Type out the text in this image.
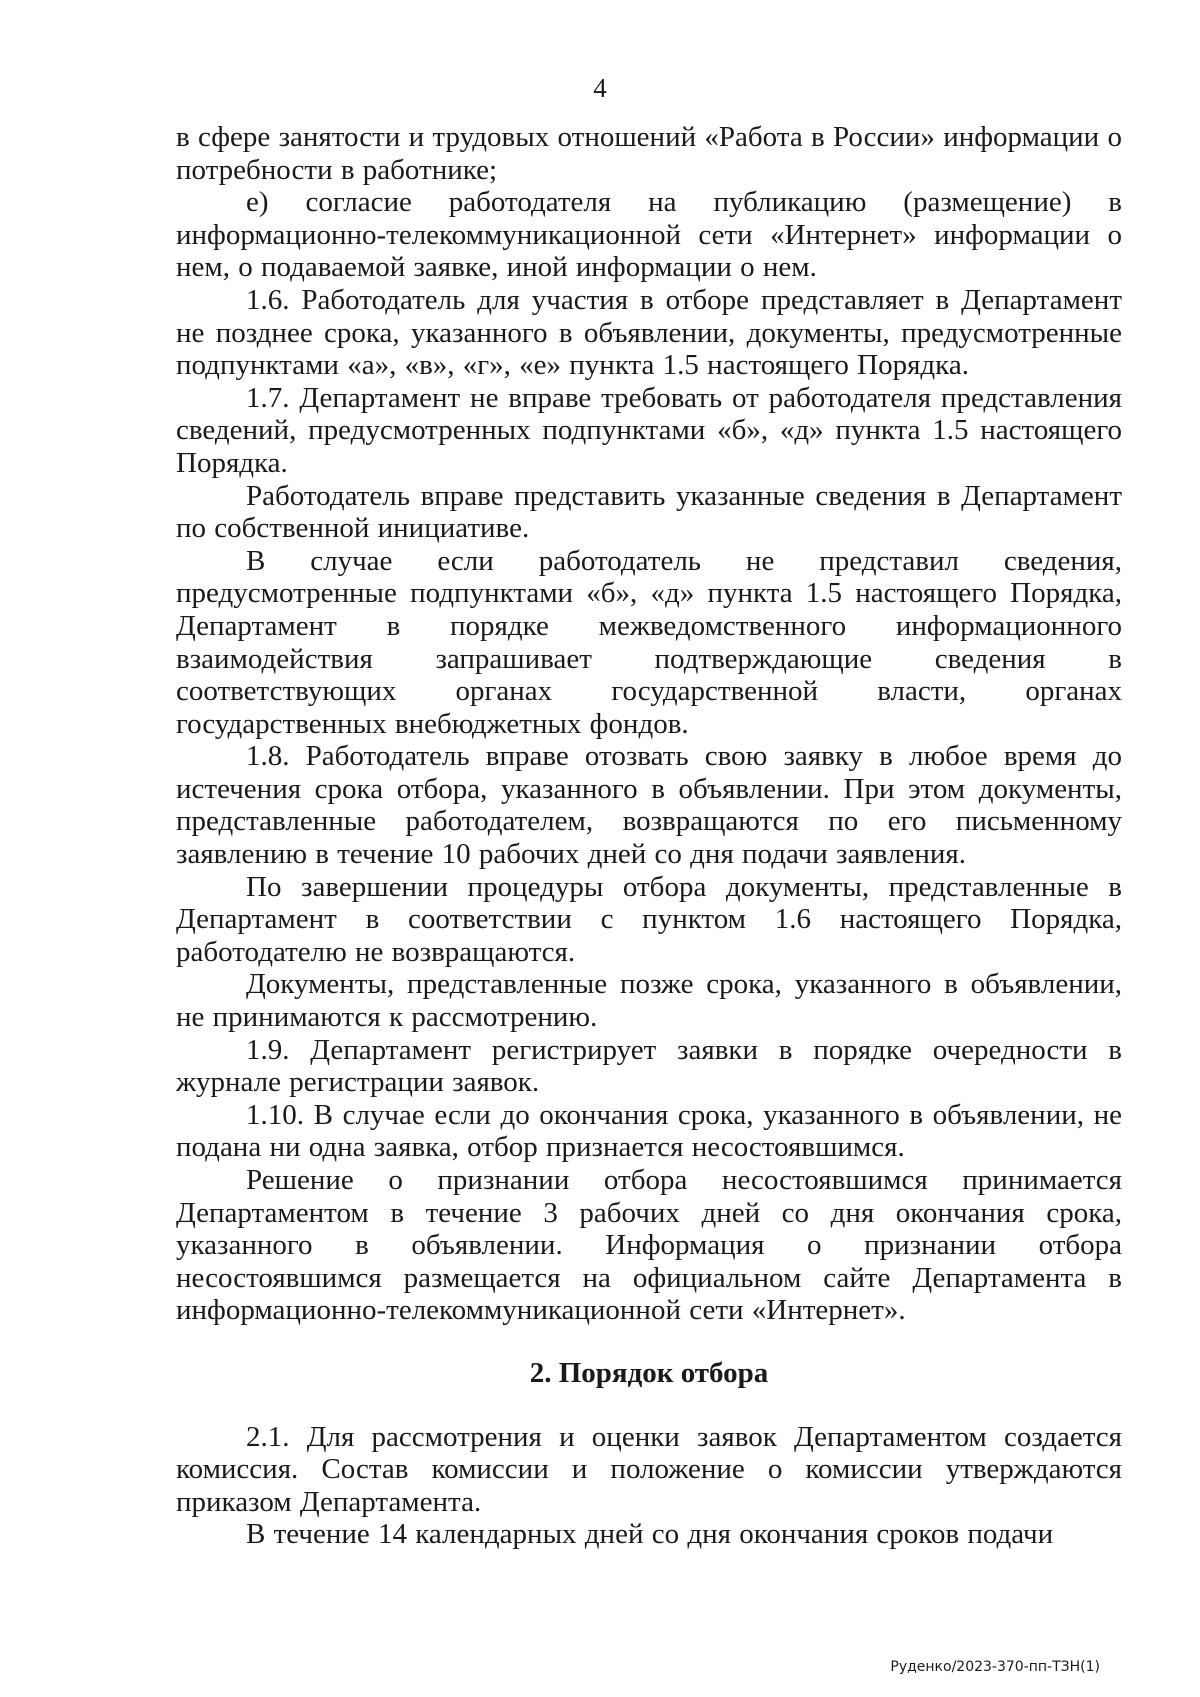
4

в сфере занятости и трудовых отношений «Работа в России» информации о потребности в работнике;

е) согласие работодателя на публикацию (размещение) в информационно-телекоммуникационной сети «Интернет» информации о нем, о подаваемой заявке, иной информации о нем.

1.6. Работодатель для участия в отборе представляет в Департамент не позднее срока, указанного в объявлении, документы, предусмотренные подпунктами «а», «в», «г», «е» пункта 1.5 настоящего Порядка.

1.7. Департамент не вправе требовать от работодателя представления сведений, предусмотренных подпунктами «б», «д» пункта 1.5 настоящего Порядка.

Работодатель вправе представить указанные сведения в Департамент по собственной инициативе.

В случае если работодатель не представил сведения, предусмотренные подпунктами «б», «д» пункта 1.5 настоящего Порядка, Департамент в порядке межведомственного информационного взаимодействия запрашивает подтверждающие сведения в соответствующих органах государственной власти, органах государственных внебюджетных фондов.

1.8. Работодатель вправе отозвать свою заявку в любое время до истечения срока отбора, указанного в объявлении. При этом документы, представленные работодателем, возвращаются по его письменному заявлению в течение 10 рабочих дней со дня подачи заявления.

По завершении процедуры отбора документы, представленные в Департамент в соответствии с пунктом 1.6 настоящего Порядка, работодателю не возвращаются.

Документы, представленные позже срока, указанного в объявлении, не принимаются к рассмотрению.

1.9. Департамент регистрирует заявки в порядке очередности в журнале регистрации заявок.

1.10. В случае если до окончания срока, указанного в объявлении, не подана ни одна заявка, отбор признается несостоявшимся.

Решение о признании отбора несостоявшимся принимается Департаментом в течение 3 рабочих дней со дня окончания срока, указанного в объявлении. Информация о признании отбора несостоявшимся размещается на официальном сайте Департамента в информационно-телекоммуникационной сети «Интернет».

2. Порядок отбора

2.1. Для рассмотрения и оценки заявок Департаментом создается комиссия. Состав комиссии и положение о комиссии утверждаются приказом Департамента.

В течение 14 календарных дней со дня окончания сроков подачи

Руденко/2023-370-пп-ТЗН(1)
